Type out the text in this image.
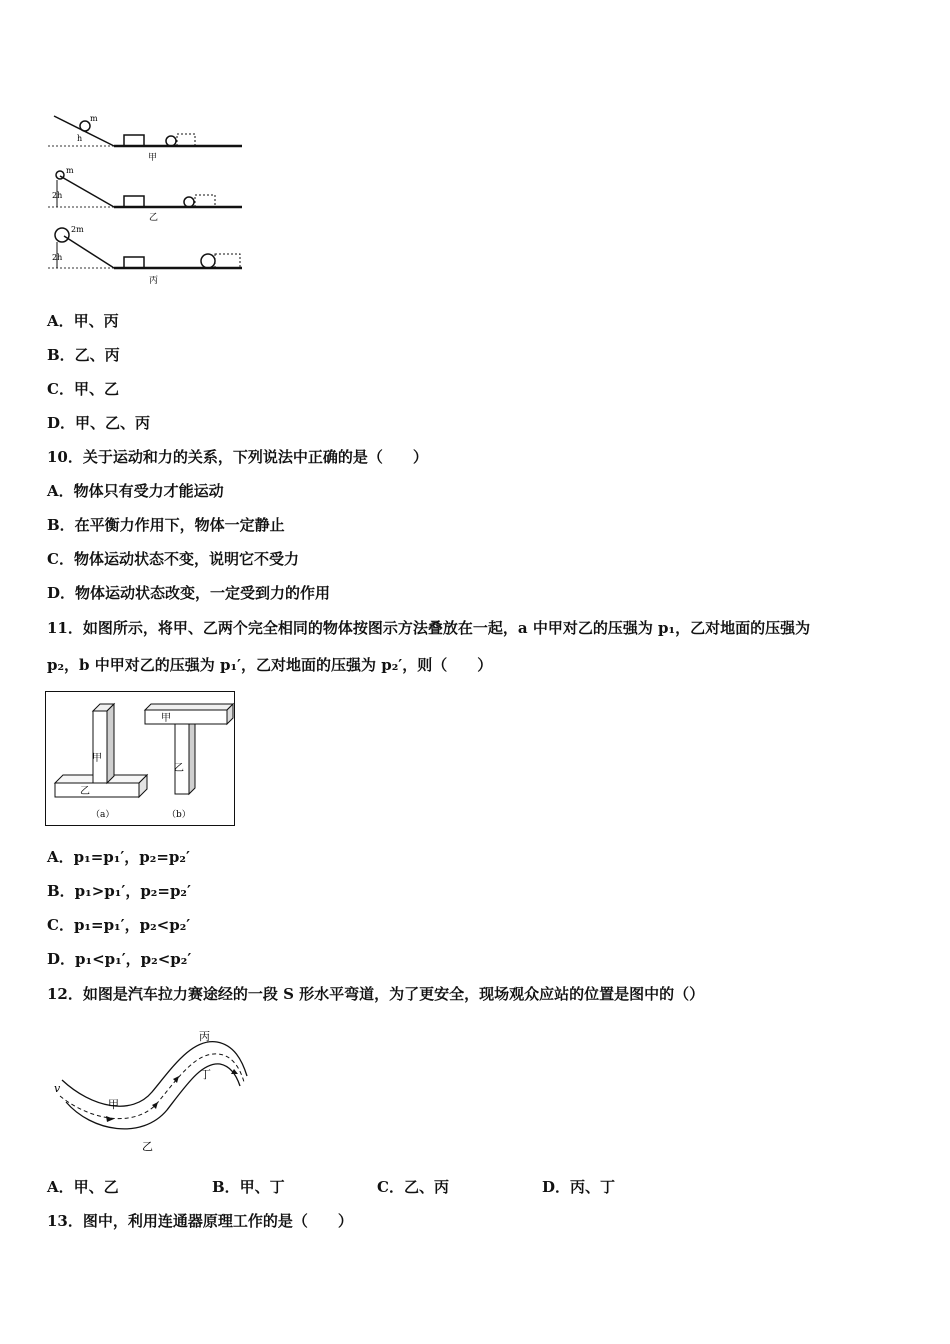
m
h
甲
m
2h
乙
2m
2h
丙
A．甲、丙
B．乙、丙
C．甲、乙
D．甲、乙、丙
10．关于运动和力的关系，下列说法中正确的是（　　）
A．物体只有受力才能运动
B．在平衡力作用下，物体一定静止
C．物体运动状态不变，说明它不受力
D．物体运动状态改变，一定受到力的作用
11．如图所示，将甲、乙两个完全相同的物体按图示方法叠放在一起，a 中甲对乙的压强为 p₁，乙对地面的压强为
p₂，b 中甲对乙的压强为 p₁′，乙对地面的压强为 p₂′，则（　　）
甲
乙
（a）
甲
乙
（b）
A．p₁=p₁′，p₂=p₂′
B．p₁>p₁′，p₂=p₂′
C．p₁=p₁′，p₂<p₂′
D．p₁<p₁′，p₂<p₂′
12．如图是汽车拉力赛途经的一段 S 形水平弯道，为了更安全，现场观众应站的位置是图中的（）
v
甲
乙
丙
丁
A．甲、乙	B．甲、丁	C．乙、丙	D．丙、丁
13．图中，利用连通器原理工作的是（　　）
